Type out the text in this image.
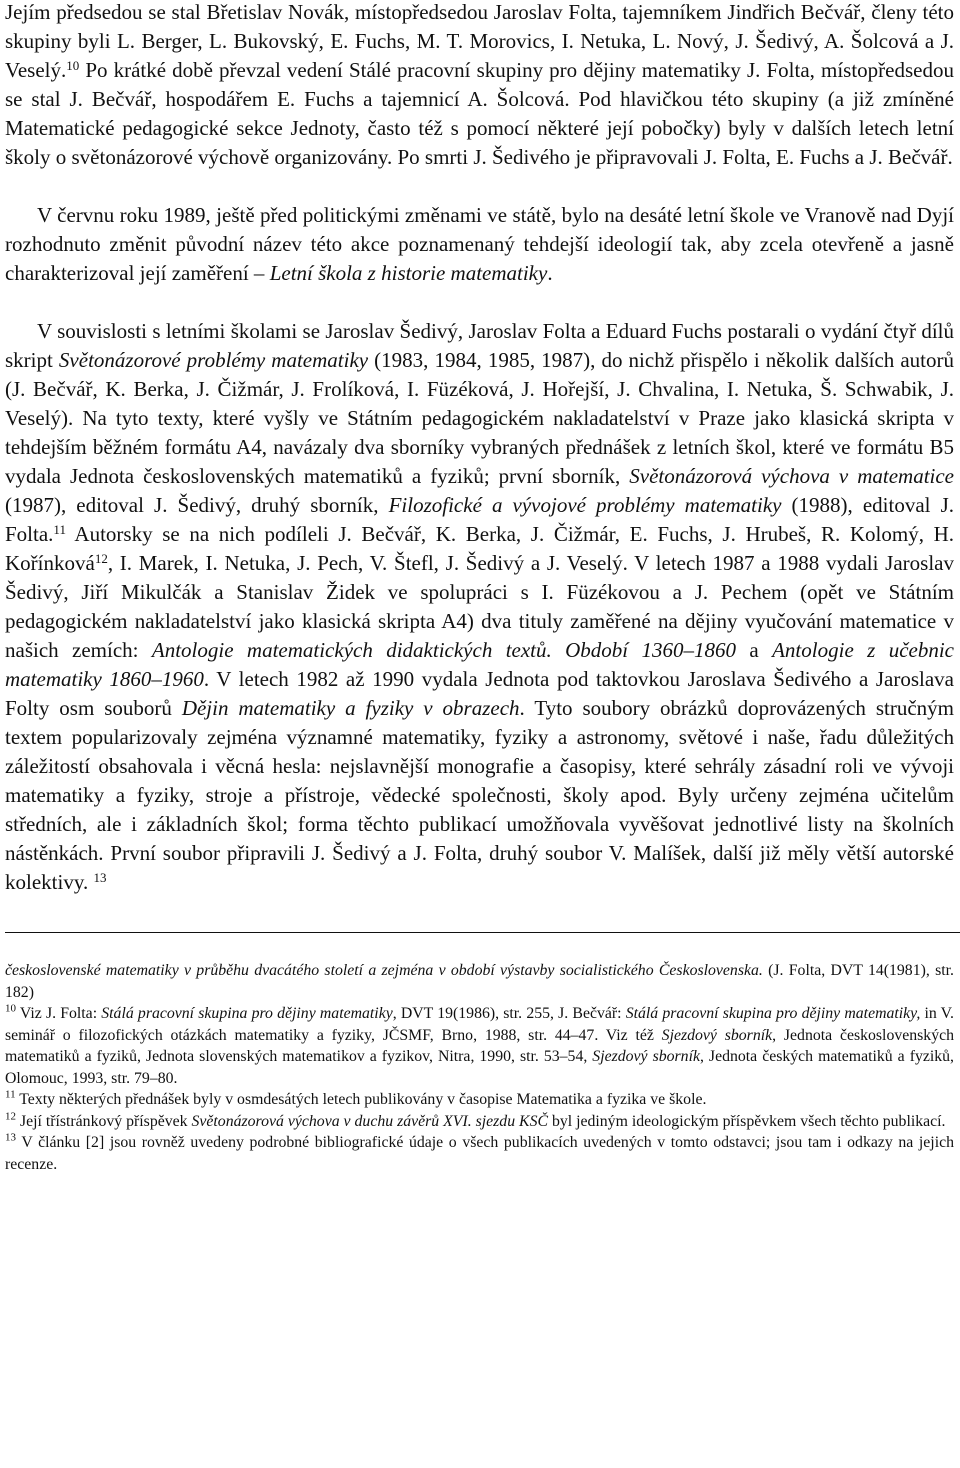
Jejím předsedou se stal Břetislav Novák, místopředsedou Jaroslav Folta, tajemníkem Jindřich Bečvář, členy této skupiny byli L. Berger, L. Bukovský, E. Fuchs, M. T. Morovics, I. Netuka, L. Nový, J. Šedivý, A. Šolcová a J. Veselý.$^{10}$ Po krátké době převzal vedení Stálé pracovní skupiny pro dějiny matematiky J. Folta, místopředsedou se stal J. Bečvář, hospodářem E. Fuchs a tajemnicí A. Šolcová. Pod hlavičkou této skupiny (a již zmíněné Matematické pedagogické sekce Jednoty, často též s pomocí některé její pobočky) byly v dalších letech letní školy o světonázorové výchově organizovány. Po smrti J. Šedivého je připravovali J. Folta, E. Fuchs a J. Bečvář.

V červnu roku 1989, ještě před politickými změnami ve státě, bylo na desáté letní škole ve Vranově nad Dyjí rozhodnuto změnit původní název této akce poznamenaný tehdejší ideologií tak, aby zcela otevřeně a jasně charakterizoval její zaměření – Letní škola z historie matematiky.

V souvislosti s letními školami se Jaroslav Šedivý, Jaroslav Folta a Eduard Fuchs postarali o vydání čtyř dílů skript Světonázorové problémy matematiky (1983, 1984, 1985, 1987), do nichž přispělo i několik dalších autorů (J. Bečvář, K. Berka, J. Čižmár, J. Frolíková, I. Füzéková, J. Hořejší, J. Chvalina, I. Netuka, Š. Schwabik, J. Veselý). Na tyto texty, které vyšly ve Státním pedagogickém nakladatelství v Praze jako klasická skripta v tehdejším běžném formátu A4, navázaly dva sborníky vybraných přednášek z letních škol, které ve formátu B5 vydala Jednota československých matematiků a fyziků; první sborník, Světonázorová výchova v matematice (1987), editoval J. Šedivý, druhý sborník, Filozofické a vývojové problémy matematiky (1988), editoval J. Folta.$^{11}$ Autorsky se na nich podíleli J. Bečvář, K. Berka, J. Čižmár, E. Fuchs, J. Hrubeš, R. Kolomý, H. Kořínková$^{12}$, I. Marek, I. Netuka, J. Pech, V. Štefl, J. Šedivý a J. Veselý. V letech 1987 a 1988 vydali Jaroslav Šedivý, Jiří Mikulčák a Stanislav Židek ve spolupráci s I. Füzékovou a J. Pechem (opět ve Státním pedagogickém nakladatelství jako klasická skripta A4) dva tituly zaměřené na dějiny vyučování matematice v našich zemích: Antologie matematických didaktických textů. Období 1360–1860 a Antologie z učebnic matematiky 1860–1960. V letech 1982 až 1990 vydala Jednota pod taktovkou Jaroslava Šedivého a Jaroslava Folty osm souborů Dějin matematiky a fyziky v obrazech. Tyto soubory obrázků doprovázených stručným textem popularizovaly zejména významné matematiky, fyziky a astronomy, světové i naše, řadu důležitých záležitostí obsahovala i věcná hesla: nejslavnější monografie a časopisy, které sehrály zásadní roli ve vývoji matematiky a fyziky, stroje a přístroje, vědecké společnosti, školy apod. Byly určeny zejména učitelům středních, ale i základních škol; forma těchto publikací umožňovala vyvěšovat jednotlivé listy na školních nástěnkách. První soubor připravili J. Šedivý a J. Folta, druhý soubor V. Malíšek, další již měly větší autorské kolektivy. $^{13}$

československé matematiky v průběhu dvacátého století a zejména v období výstavby socialistického Československa. (J. Folta, DVT 14(1981), str. 182)

$^{10}$ Viz J. Folta: Stálá pracovní skupina pro dějiny matematiky, DVT 19(1986), str. 255, J. Bečvář: Stálá pracovní skupina pro dějiny matematiky, in V. seminář o filozofických otázkách matematiky a fyziky, JČSMF, Brno, 1988, str. 44–47. Viz též Sjezdový sborník, Jednota československých matematiků a fyziků, Jednota slovenských matematikov a fyzikov, Nitra, 1990, str. 53–54, Sjezdový sborník, Jednota českých matematiků a fyziků, Olomouc, 1993, str. 79–80.

$^{11}$ Texty některých přednášek byly v osmdesátých letech publikovány v časopise Matematika a fyzika ve škole.

$^{12}$ Její třístránkový příspěvek Světonázorová výchova v duchu závěrů XVI. sjezdu KSČ byl jediným ideologickým příspěvkem všech těchto publikací.

$^{13}$ V článku [2] jsou rovněž uvedeny podrobné bibliografické údaje o všech publikacích uvedených v tomto odstavci; jsou tam i odkazy na jejich recenze.
